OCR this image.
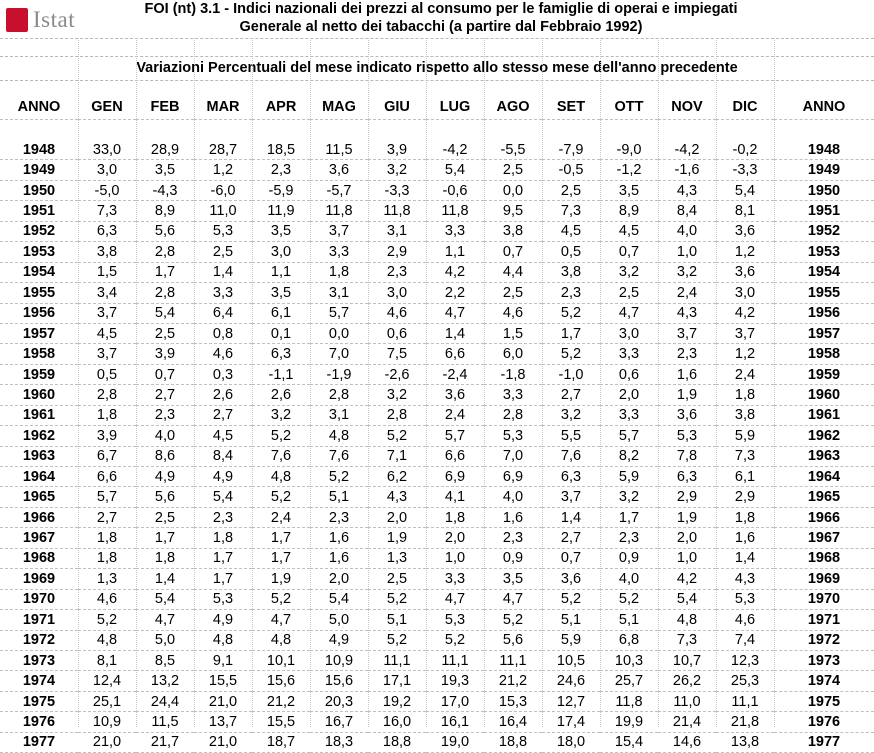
Istat	FOI (nt) 3.1 - Indici nazionali dei prezzi al consumo per le famiglie di operai e impiegati
Generale al netto dei tabacchi (a partire dal Febbraio 1992)
Variazioni Percentuali del mese indicato rispetto allo stesso mese dell'anno precedente
ANNO	GEN	FEB	MAR	APR	MAG	GIU	LUG	AGO	SET	OTT	NOV	DIC	ANNO

1948	33,0	28,9	28,7	18,5	11,5	3,9	-4,2	-5,5	-7,9	-9,0	-4,2	-0,2	1948
1949	3,0	3,5	1,2	2,3	3,6	3,2	5,4	2,5	-0,5	-1,2	-1,6	-3,3	1949
1950	-5,0	-4,3	-6,0	-5,9	-5,7	-3,3	-0,6	0,0	2,5	3,5	4,3	5,4	1950
1951	7,3	8,9	11,0	11,9	11,8	11,8	11,8	9,5	7,3	8,9	8,4	8,1	1951
1952	6,3	5,6	5,3	3,5	3,7	3,1	3,3	3,8	4,5	4,5	4,0	3,6	1952
1953	3,8	2,8	2,5	3,0	3,3	2,9	1,1	0,7	0,5	0,7	1,0	1,2	1953
1954	1,5	1,7	1,4	1,1	1,8	2,3	4,2	4,4	3,8	3,2	3,2	3,6	1954
1955	3,4	2,8	3,3	3,5	3,1	3,0	2,2	2,5	2,3	2,5	2,4	3,0	1955
1956	3,7	5,4	6,4	6,1	5,7	4,6	4,7	4,6	5,2	4,7	4,3	4,2	1956
1957	4,5	2,5	0,8	0,1	0,0	0,6	1,4	1,5	1,7	3,0	3,7	3,7	1957
1958	3,7	3,9	4,6	6,3	7,0	7,5	6,6	6,0	5,2	3,3	2,3	1,2	1958
1959	0,5	0,7	0,3	-1,1	-1,9	-2,6	-2,4	-1,8	-1,0	0,6	1,6	2,4	1959
1960	2,8	2,7	2,6	2,6	2,8	3,2	3,6	3,3	2,7	2,0	1,9	1,8	1960
1961	1,8	2,3	2,7	3,2	3,1	2,8	2,4	2,8	3,2	3,3	3,6	3,8	1961
1962	3,9	4,0	4,5	5,2	4,8	5,2	5,7	5,3	5,5	5,7	5,3	5,9	1962
1963	6,7	8,6	8,4	7,6	7,6	7,1	6,6	7,0	7,6	8,2	7,8	7,3	1963
1964	6,6	4,9	4,9	4,8	5,2	6,2	6,9	6,9	6,3	5,9	6,3	6,1	1964
1965	5,7	5,6	5,4	5,2	5,1	4,3	4,1	4,0	3,7	3,2	2,9	2,9	1965
1966	2,7	2,5	2,3	2,4	2,3	2,0	1,8	1,6	1,4	1,7	1,9	1,8	1966
1967	1,8	1,7	1,8	1,7	1,6	1,9	2,0	2,3	2,7	2,3	2,0	1,6	1967
1968	1,8	1,8	1,7	1,7	1,6	1,3	1,0	0,9	0,7	0,9	1,0	1,4	1968
1969	1,3	1,4	1,7	1,9	2,0	2,5	3,3	3,5	3,6	4,0	4,2	4,3	1969
1970	4,6	5,4	5,3	5,2	5,4	5,2	4,7	4,7	5,2	5,2	5,4	5,3	1970
1971	5,2	4,7	4,9	4,7	5,0	5,1	5,3	5,2	5,1	5,1	4,8	4,6	1971
1972	4,8	5,0	4,8	4,8	4,9	5,2	5,2	5,6	5,9	6,8	7,3	7,4	1972
1973	8,1	8,5	9,1	10,1	10,9	11,1	11,1	11,1	10,5	10,3	10,7	12,3	1973
1974	12,4	13,2	15,5	15,6	15,6	17,1	19,3	21,2	24,6	25,7	26,2	25,3	1974
1975	25,1	24,4	21,0	21,2	20,3	19,2	17,0	15,3	12,7	11,8	11,0	11,1	1975
1976	10,9	11,5	13,7	15,5	16,7	16,0	16,1	16,4	17,4	19,9	21,4	21,8	1976
1977	21,0	21,7	21,0	18,7	18,3	18,8	19,0	18,8	18,0	15,4	14,6	13,8	1977
